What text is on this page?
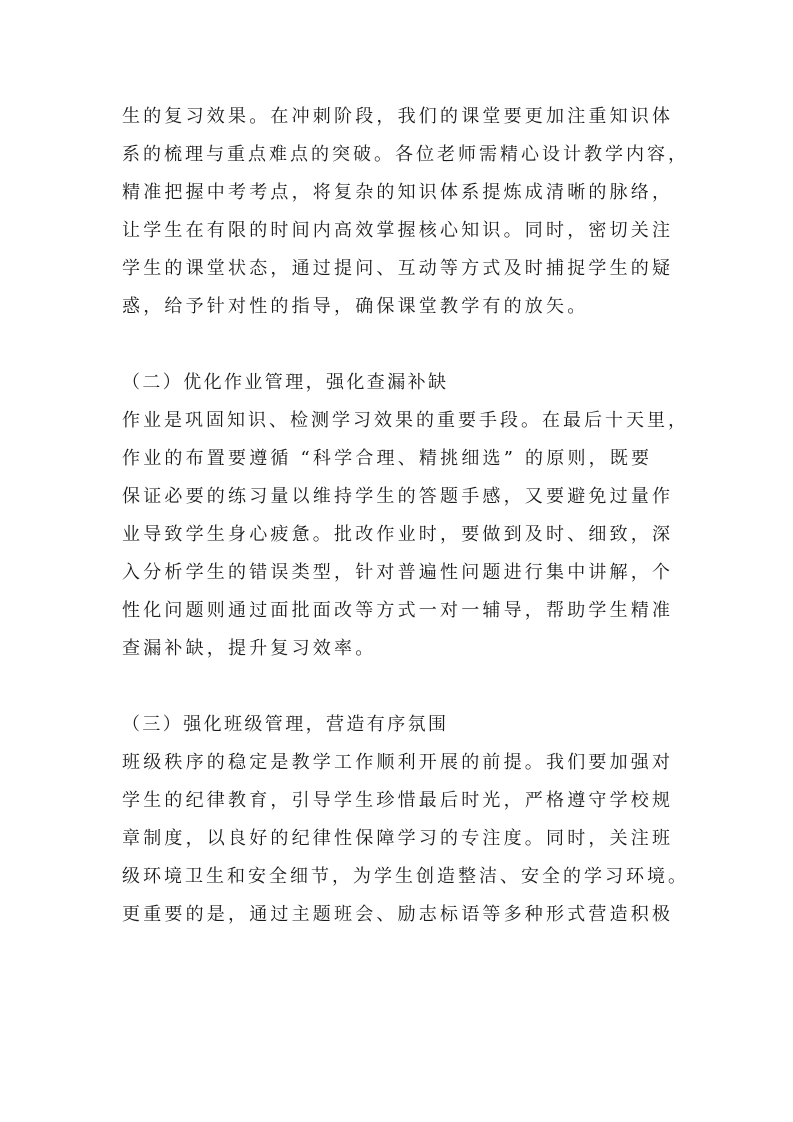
生的复习效果。在冲刺阶段，我们的课堂要更加注重知识体

系的梳理与重点难点的突破。各位老师需精心设计教学内容，

精准把握中考考点，将复杂的知识体系提炼成清晰的脉络，

让学生在有限的时间内高效掌握核心知识。同时，密切关注

学生的课堂状态，通过提问、互动等方式及时捕捉学生的疑

惑，给予针对性的指导，确保课堂教学有的放矢。

（二）优化作业管理，强化查漏补缺

作业是巩固知识、检测学习效果的重要手段。在最后十天里，

作业的布置要遵循 “科学合理、精挑细选” 的原则，既要

保证必要的练习量以维持学生的答题手感，又要避免过量作

业导致学生身心疲惫。批改作业时，要做到及时、细致，深

入分析学生的错误类型，针对普遍性问题进行集中讲解，个

性化问题则通过面批面改等方式一对一辅导，帮助学生精准

查漏补缺，提升复习效率。

（三）强化班级管理，营造有序氛围

班级秩序的稳定是教学工作顺利开展的前提。我们要加强对

学生的纪律教育，引导学生珍惜最后时光，严格遵守学校规

章制度，以良好的纪律性保障学习的专注度。同时，关注班

级环境卫生和安全细节，为学生创造整洁、安全的学习环境。

更重要的是，通过主题班会、励志标语等多种形式营造积极
